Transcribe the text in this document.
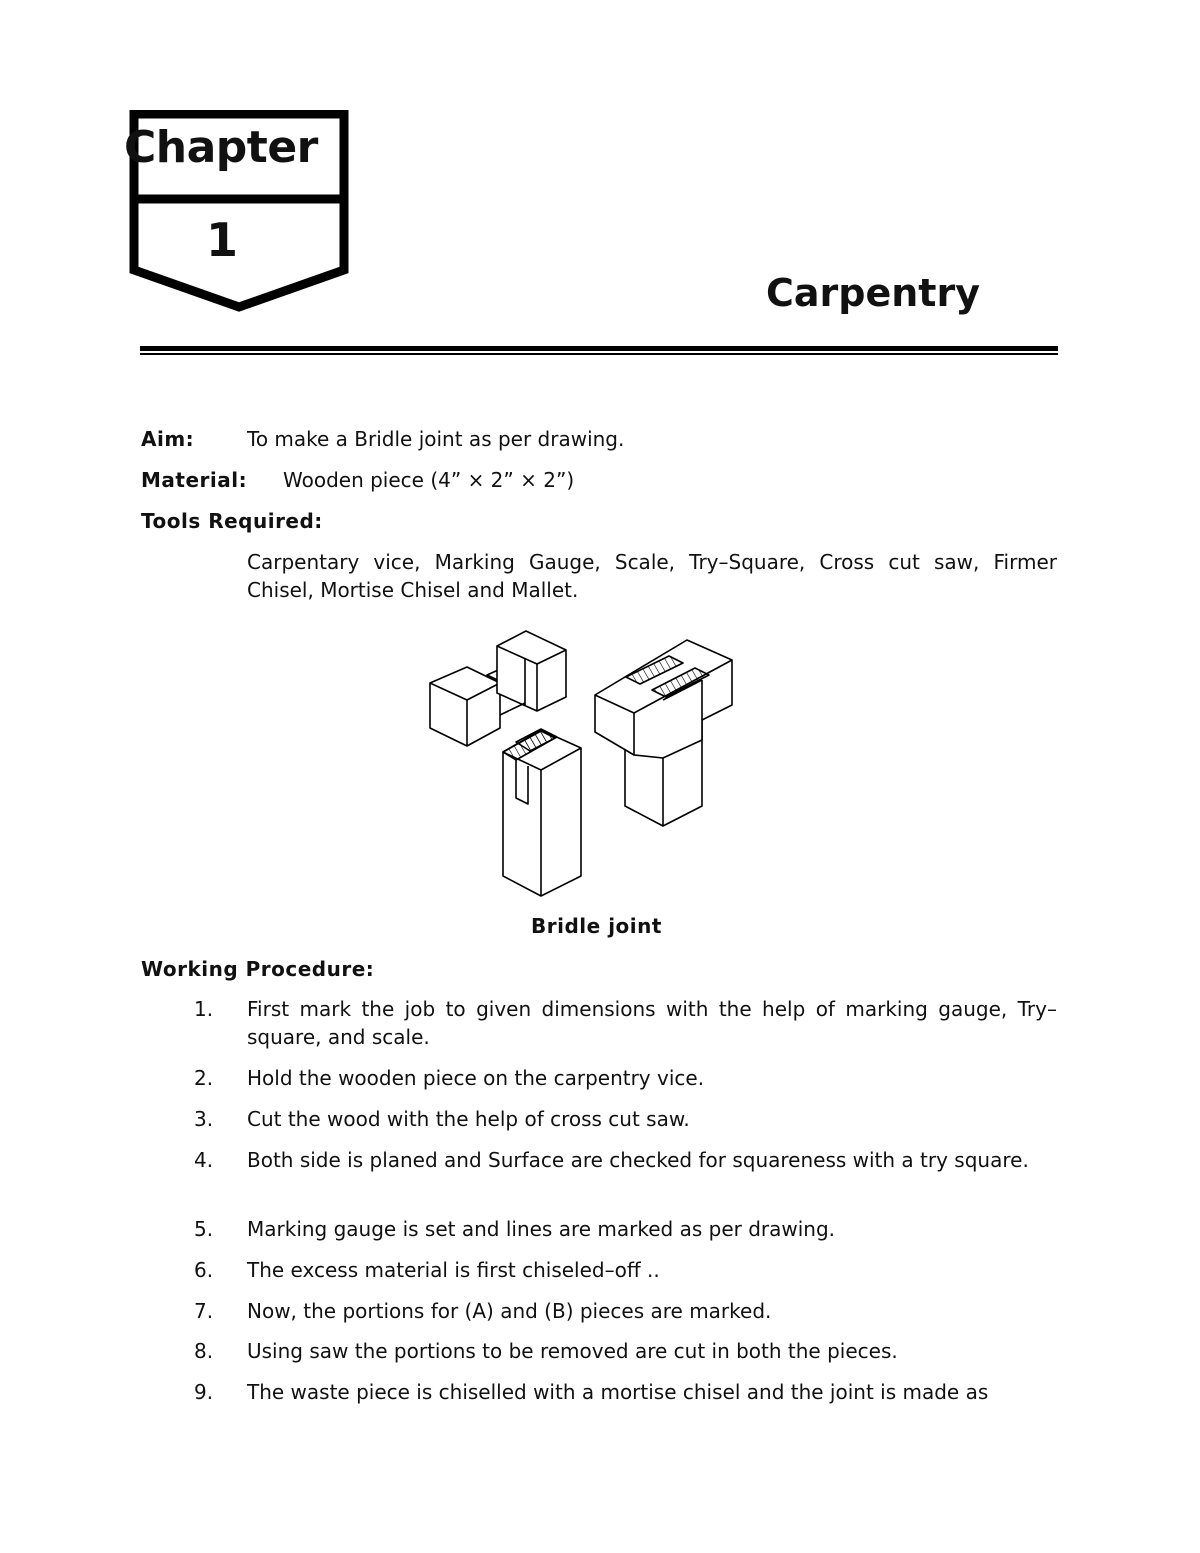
Chapter
1
Carpentry
Aim:	To make a Bridle joint as per drawing.
Material: Wooden piece (4” × 2” × 2”)
Tools Required:
Carpentary vice, Marking Gauge, Scale, Try–Square, Cross cut saw, Firmer Chisel, Mortise Chisel and Mallet.
Bridle joint
Working Procedure:
1. First mark the job to given dimensions with the help of marking gauge, Try–square, and scale.
2. Hold the wooden piece on the carpentry vice.
3. Cut the wood with the help of cross cut saw.
4. Both side is planed and Surface are checked for squareness with a try square.
5. Marking gauge is set and lines are marked as per drawing.
6. The excess material is first chiseled–off ..
7. Now, the portions for (A) and (B) pieces are marked.
8. Using saw the portions to be removed are cut in both the pieces.
9. The waste piece is chiselled with a mortise chisel and the joint is made as
